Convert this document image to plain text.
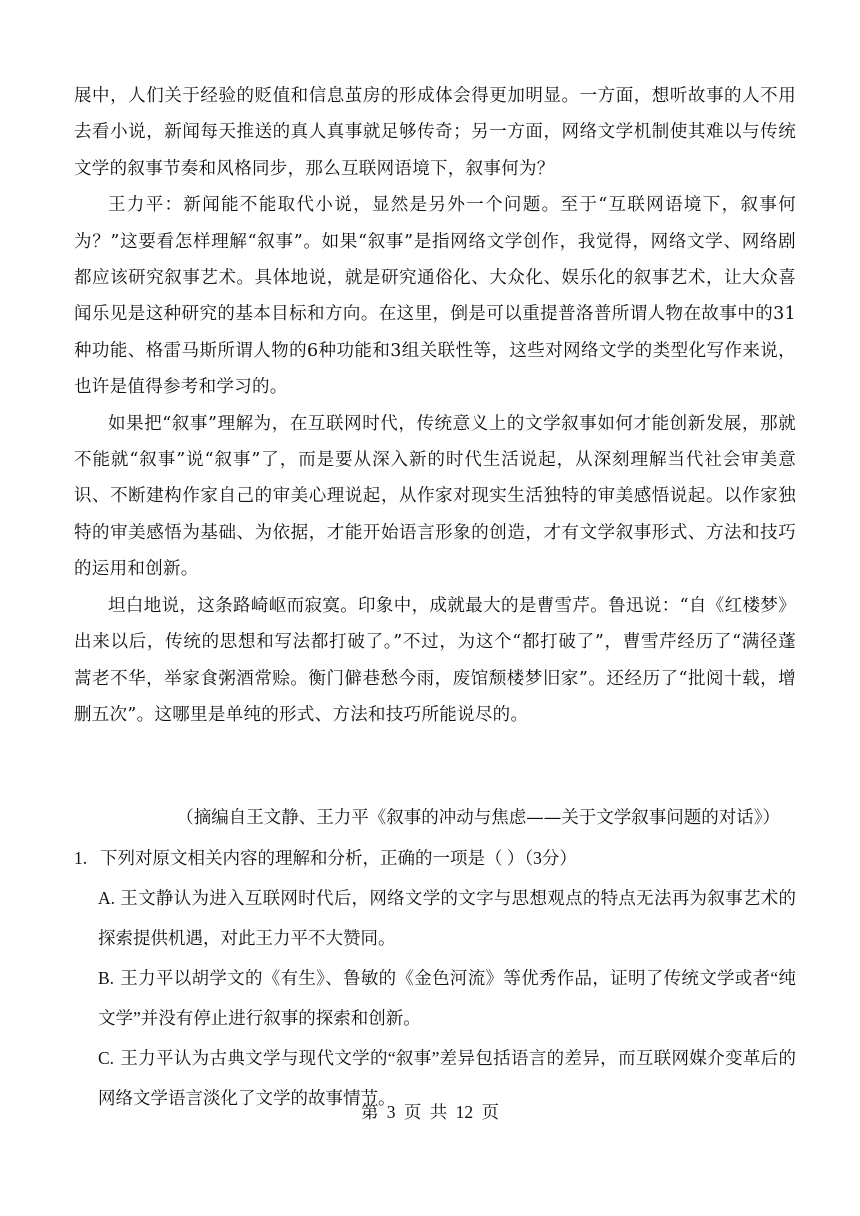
展中，人们关于经验的贬值和信息茧房的形成体会得更加明显。一方面，想听故事的人不用去看小说，新闻每天推送的真人真事就足够传奇；另一方面，网络文学机制使其难以与传统文学的叙事节奏和风格同步，那么互联网语境下，叙事何为？

王力平：新闻能不能取代小说，显然是另外一个问题。至于“互联网语境下，叙事何为？”这要看怎样理解“叙事”。如果“叙事”是指网络文学创作，我觉得，网络文学、网络剧都应该研究叙事艺术。具体地说，就是研究通俗化、大众化、娱乐化的叙事艺术，让大众喜闻乐见是这种研究的基本目标和方向。在这里，倒是可以重提普洛普所谓人物在故事中的31种功能、格雷马斯所谓人物的6种功能和3组关联性等，这些对网络文学的类型化写作来说，也许是值得参考和学习的。

如果把“叙事”理解为，在互联网时代，传统意义上的文学叙事如何才能创新发展，那就不能就“叙事”说“叙事”了，而是要从深入新的时代生活说起，从深刻理解当代社会审美意识、不断建构作家自己的审美心理说起，从作家对现实生活独特的审美感悟说起。以作家独特的审美感悟为基础、为依据，才能开始语言形象的创造，才有文学叙事形式、方法和技巧的运用和创新。

坦白地说，这条路崎岖而寂寞。印象中，成就最大的是曹雪芹。鲁迅说：“自《红楼梦》出来以后，传统的思想和写法都打破了。”不过，为这个“都打破了”，曹雪芹经历了“满径蓬蒿老不华，举家食粥酒常赊。衡门僻巷愁今雨，废馆颓楼梦旧家”。还经历了“批阅十载，增删五次”。这哪里是单纯的形式、方法和技巧所能说尽的。

（摘编自王文静、王力平《叙事的冲动与焦虑——关于文学叙事问题的对话》）

1. 下列对原文相关内容的理解和分析，正确的一项是（ ）（3分）

A. 王文静认为进入互联网时代后，网络文学的文字与思想观点的特点无法再为叙事艺术的探索提供机遇，对此王力平不大赞同。

B. 王力平以胡学文的《有生》、鲁敏的《金色河流》等优秀作品，证明了传统文学或者“纯文学”并没有停止进行叙事的探索和创新。

C. 王力平认为古典文学与现代文学的“叙事”差异包括语言的差异，而互联网媒介变革后的网络文学语言淡化了文学的故事情节。

第 3 页 共 12 页
